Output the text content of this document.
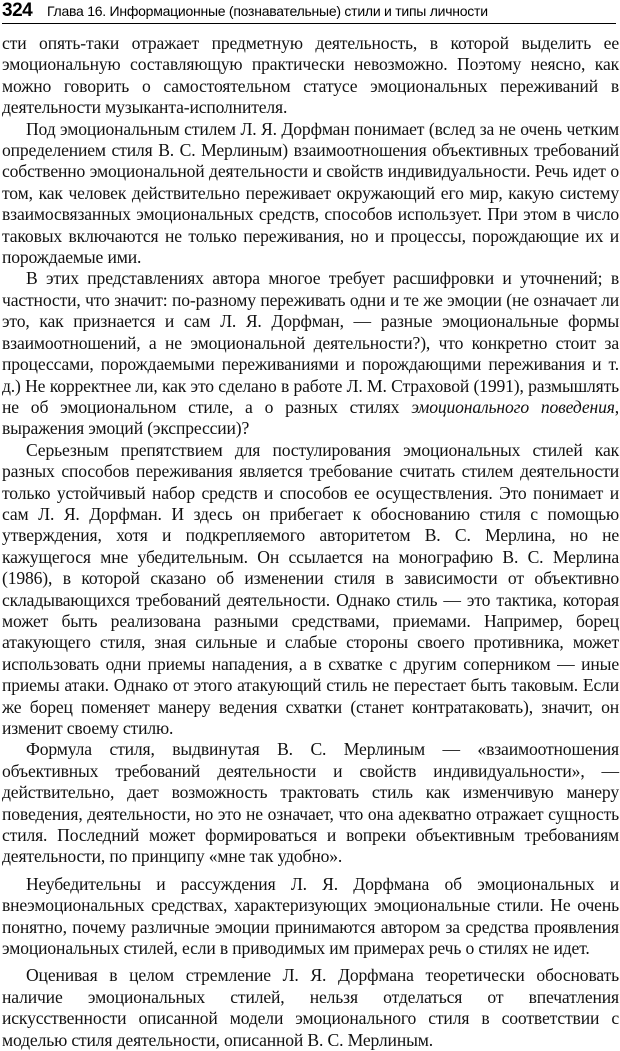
324 Глава 16. Информационные (познавательные) стили и типы личности

сти опять-таки отражает предметную деятельность, в которой выделить ее эмоциональную составляющую практически невозможно. Поэтому неясно, как можно говорить о самостоятельном статусе эмоциональных переживаний в деятельности музыканта-исполнителя.

Под эмоциональным стилем Л. Я. Дорфман понимает (вслед за не очень четким определением стиля В. С. Мерлиным) взаимоотношения объективных требований собственно эмоциональной деятельности и свойств индивидуальности. Речь идет о том, как человек действительно переживает окружающий его мир, какую систему взаимосвязанных эмоциональных средств, способов использует. При этом в число таковых включаются не только переживания, но и процессы, порождающие их и порождаемые ими.

В этих представлениях автора многое требует расшифровки и уточнений; в частности, что значит: по-разному переживать одни и те же эмоции (не означает ли это, как признается и сам Л. Я. Дорфман, — разные эмоциональные формы взаимоотношений, а не эмоциональной деятельности?), что конкретно стоит за процессами, порождаемыми переживаниями и порождающими переживания и т. д.) Не корректнее ли, как это сделано в работе Л. М. Страховой (1991), размышлять не об эмоциональном стиле, а о разных стилях эмоционального поведения, выражения эмоций (экспрессии)?

Серьезным препятствием для постулирования эмоциональных стилей как разных способов переживания является требование считать стилем деятельности только устойчивый набор средств и способов ее осуществления. Это понимает и сам Л. Я. Дорфман. И здесь он прибегает к обоснованию стиля с помощью утверждения, хотя и подкрепляемого авторитетом В. С. Мерлина, но не кажущегося мне убедительным. Он ссылается на монографию В. С. Мерлина (1986), в которой сказано об изменении стиля в зависимости от объективно складывающихся требований деятельности. Однако стиль — это тактика, которая может быть реализована разными средствами, приемами. Например, борец атакующего стиля, зная сильные и слабые стороны своего противника, может использовать одни приемы нападения, а в схватке с другим соперником — иные приемы атаки. Однако от этого атакующий стиль не перестает быть таковым. Если же борец поменяет манеру ведения схватки (станет контратаковать), значит, он изменит своему стилю.

Формула стиля, выдвинутая В. С. Мерлиным — «взаимоотношения объективных требований деятельности и свойств индивидуальности», — действительно, дает возможность трактовать стиль как изменчивую манеру поведения, деятельности, но это не означает, что она адекватно отражает сущность стиля. Последний может формироваться и вопреки объективным требованиям деятельности, по принципу «мне так удобно».

Неубедительны и рассуждения Л. Я. Дорфмана об эмоциональных и внеэмоциональных средствах, характеризующих эмоциональные стили. Не очень понятно, почему различные эмоции принимаются автором за средства проявления эмоциональных стилей, если в приводимых им примерах речь о стилях не идет.

Оценивая в целом стремление Л. Я. Дорфмана теоретически обосновать наличие эмоциональных стилей, нельзя отделаться от впечатления искусственности описанной модели эмоционального стиля в соответствии с моделью стиля деятельности, описанной В. С. Мерлиным.
